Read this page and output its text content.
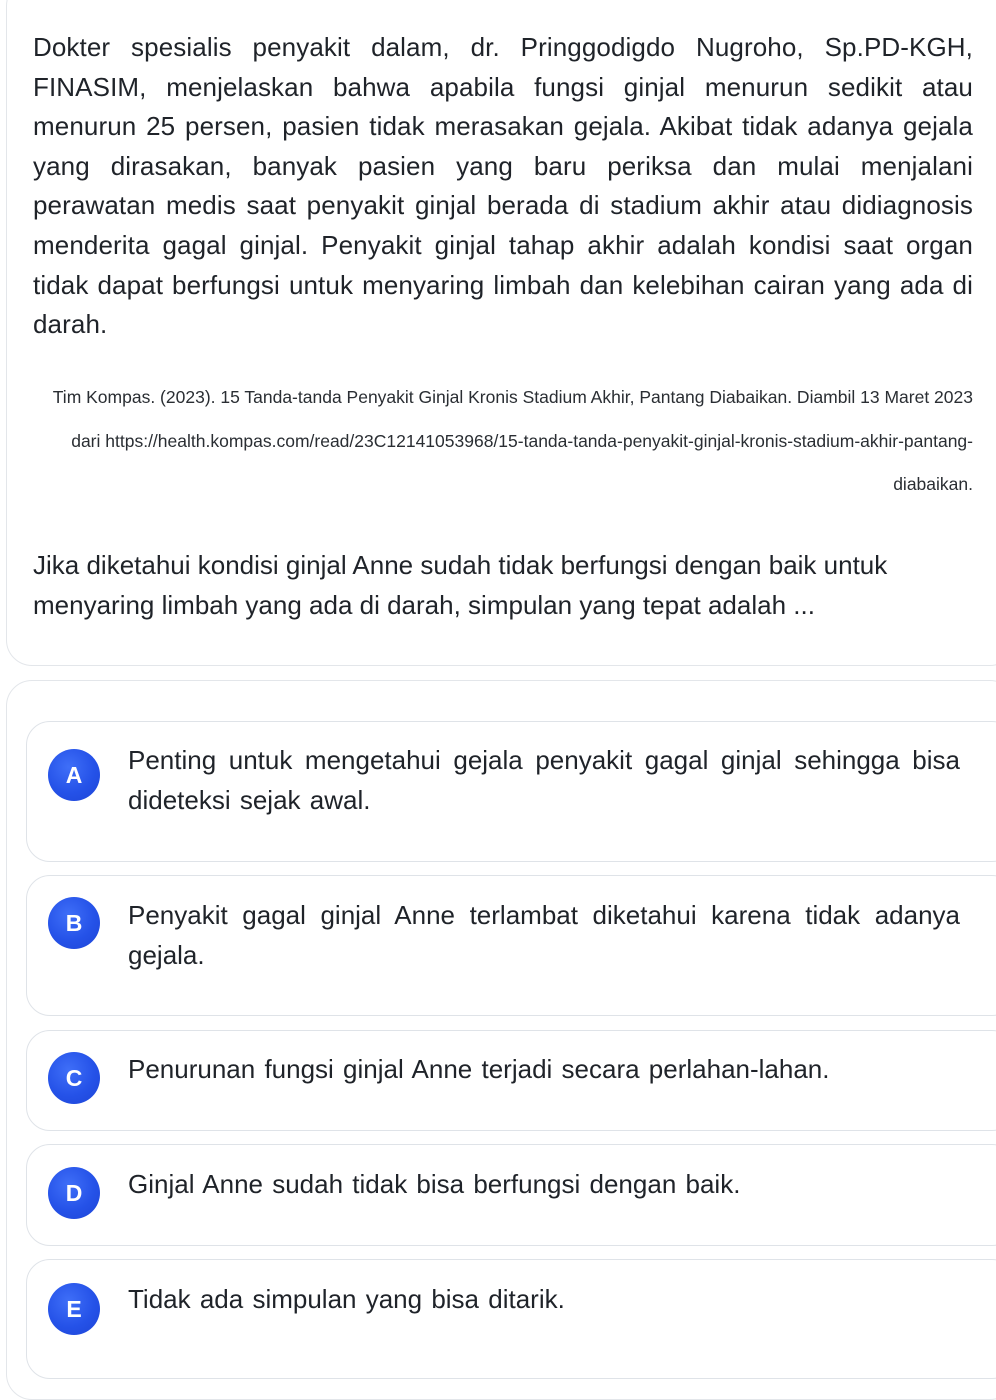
Dokter spesialis penyakit dalam, dr. Pringgodigdo Nugroho, Sp.PD-KGH, FINASIM, menjelaskan bahwa apabila fungsi ginjal menurun sedikit atau menurun 25 persen, pasien tidak merasakan gejala. Akibat tidak adanya gejala yang dirasakan, banyak pasien yang baru periksa dan mulai menjalani perawatan medis saat penyakit ginjal berada di stadium akhir atau didiagnosis menderita gagal ginjal. Penyakit ginjal tahap akhir adalah kondisi saat organ tidak dapat berfungsi untuk menyaring limbah dan kelebihan cairan yang ada di darah.

Tim Kompas. (2023). 15 Tanda-tanda Penyakit Ginjal Kronis Stadium Akhir, Pantang Diabaikan. Diambil 13 Maret 2023
dari https://health.kompas.com/read/23C12141053968/15-tanda-tanda-penyakit-ginjal-kronis-stadium-akhir-pantang-
diabaikan.

Jika diketahui kondisi ginjal Anne sudah tidak berfungsi dengan baik untuk menyaring limbah yang ada di darah, simpulan yang tepat adalah ...

A	Penting untuk mengetahui gejala penyakit gagal ginjal sehingga bisa dideteksi sejak awal.
B	Penyakit gagal ginjal Anne terlambat diketahui karena tidak adanya gejala.
C	Penurunan fungsi ginjal Anne terjadi secara perlahan-lahan.
D	Ginjal Anne sudah tidak bisa berfungsi dengan baik.
E	Tidak ada simpulan yang bisa ditarik.
